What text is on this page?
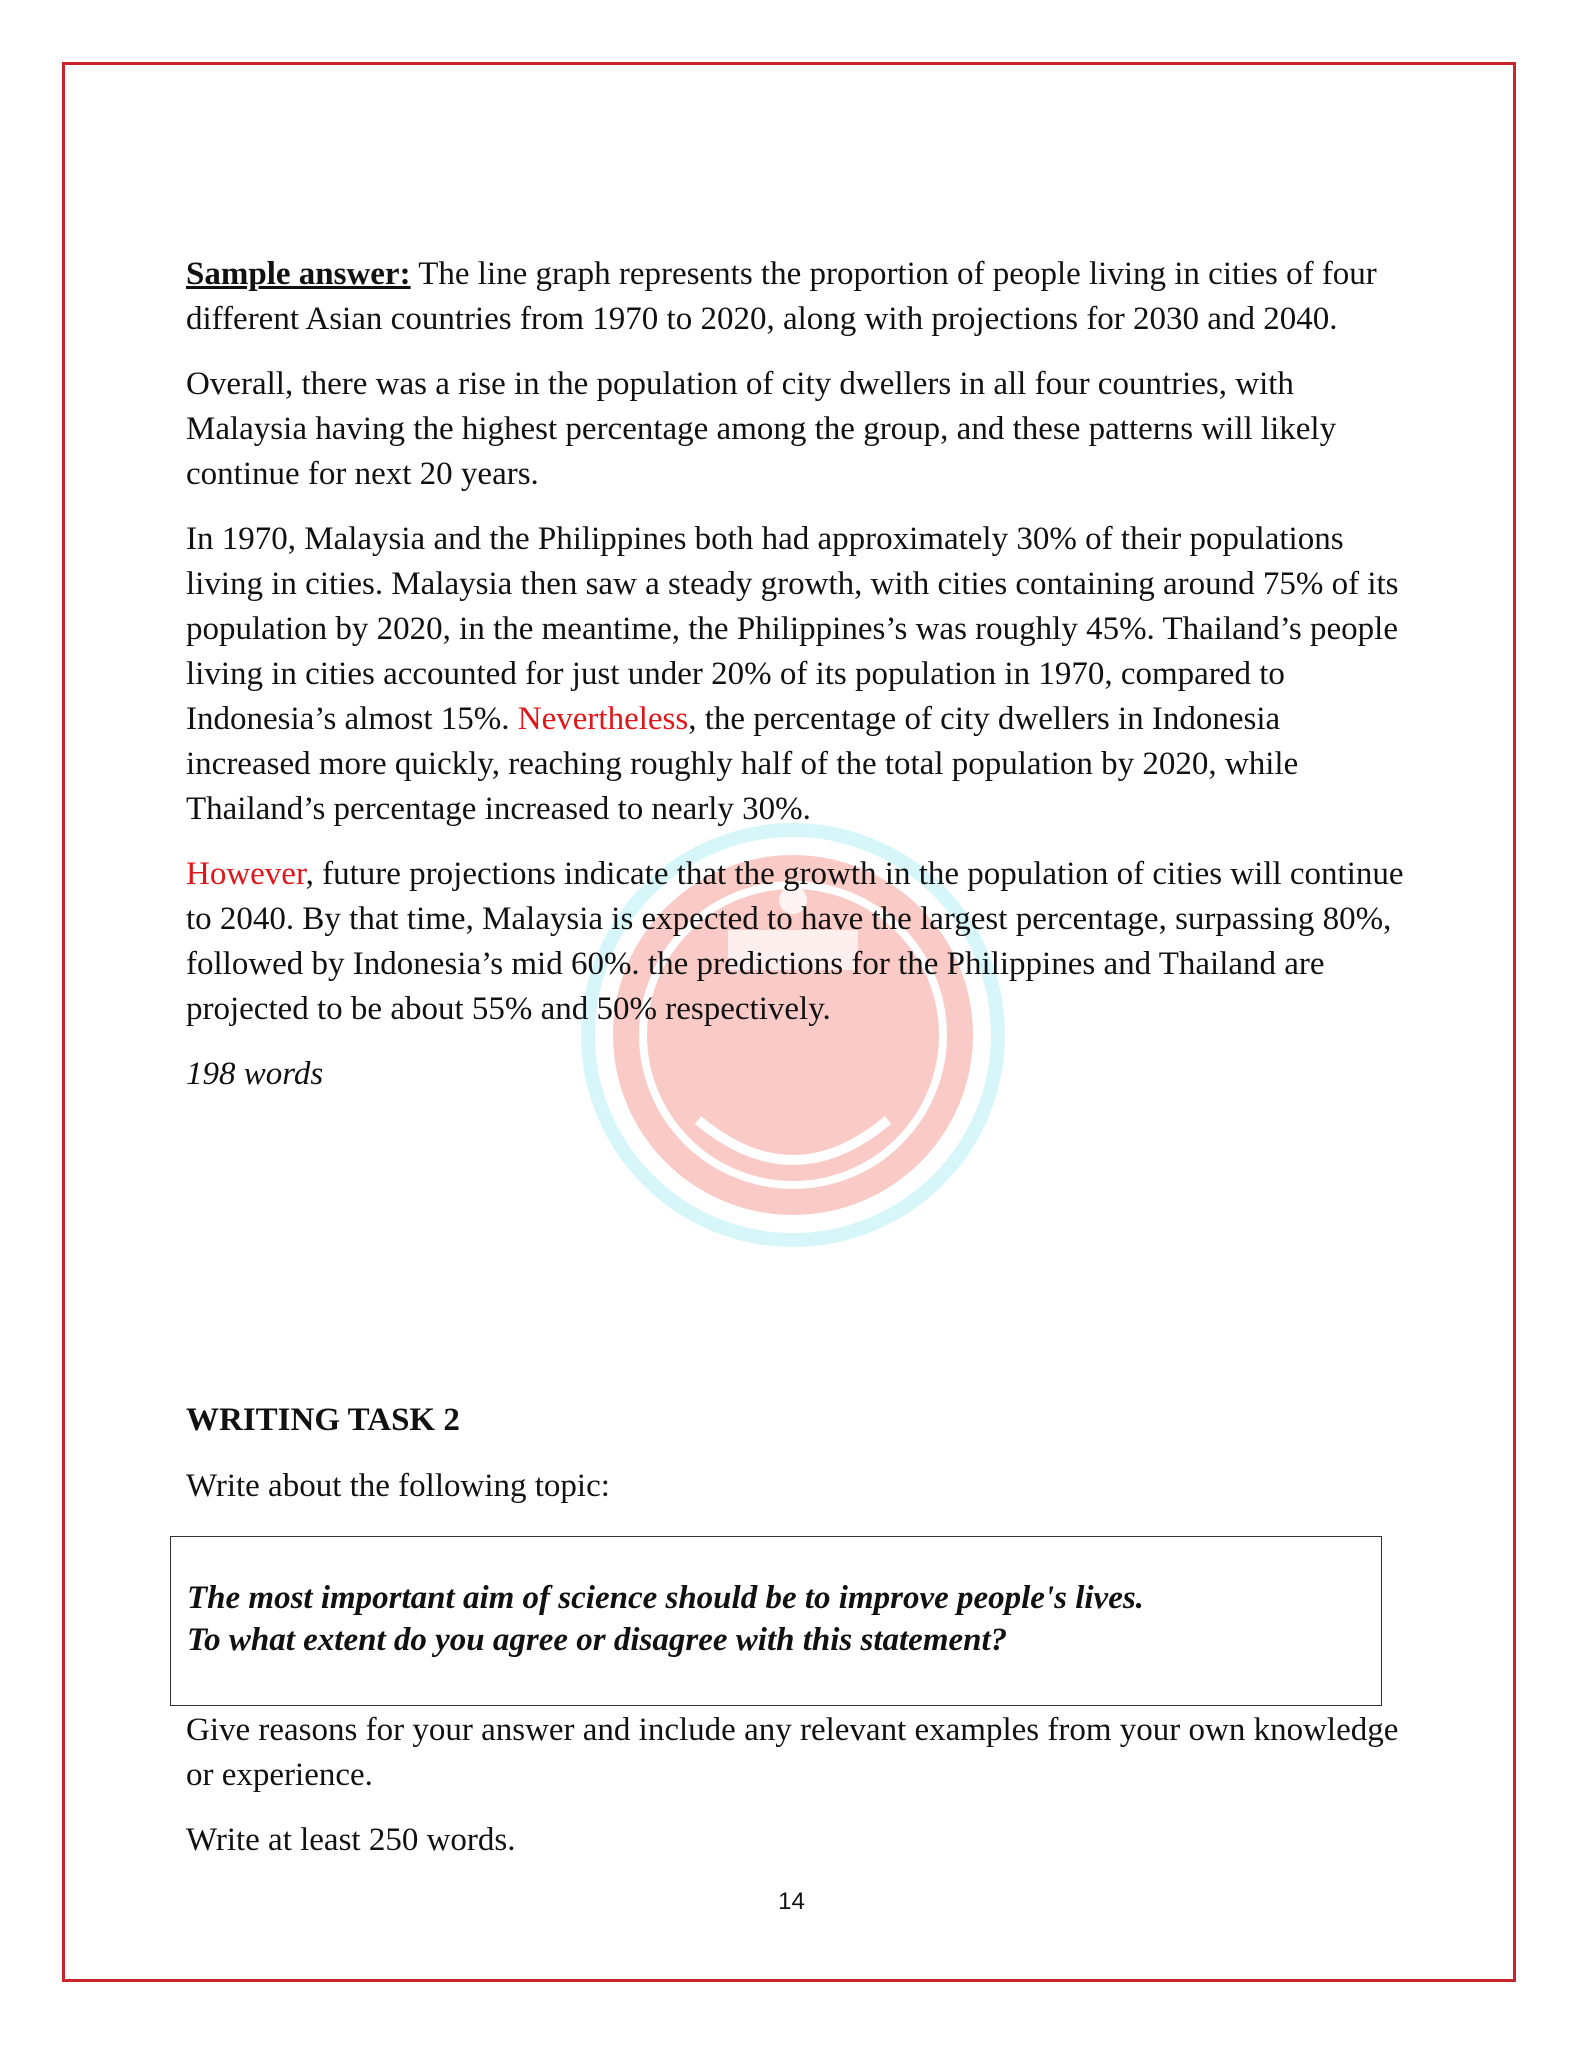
Sample answer: The line graph represents the proportion of people living in cities of four different Asian countries from 1970 to 2020, along with projections for 2030 and 2040.

Overall, there was a rise in the population of city dwellers in all four countries, with Malaysia having the highest percentage among the group, and these patterns will likely continue for next 20 years.

In 1970, Malaysia and the Philippines both had approximately 30% of their populations living in cities. Malaysia then saw a steady growth, with cities containing around 75% of its population by 2020, in the meantime, the Philippines’s was roughly 45%. Thailand’s people living in cities accounted for just under 20% of its population in 1970, compared to Indonesia’s almost 15%. Nevertheless, the percentage of city dwellers in Indonesia increased more quickly, reaching roughly half of the total population by 2020, while Thailand’s percentage increased to nearly 30%.

However, future projections indicate that the growth in the population of cities will continue to 2040. By that time, Malaysia is expected to have the largest percentage, surpassing 80%, followed by Indonesia’s mid 60%. the predictions for the Philippines and Thailand are projected to be about 55% and 50% respectively.

198 words

WRITING TASK 2

Write about the following topic:

The most important aim of science should be to improve people's lives.
To what extent do you agree or disagree with this statement?

Give reasons for your answer and include any relevant examples from your own knowledge or experience.

Write at least 250 words.

14
